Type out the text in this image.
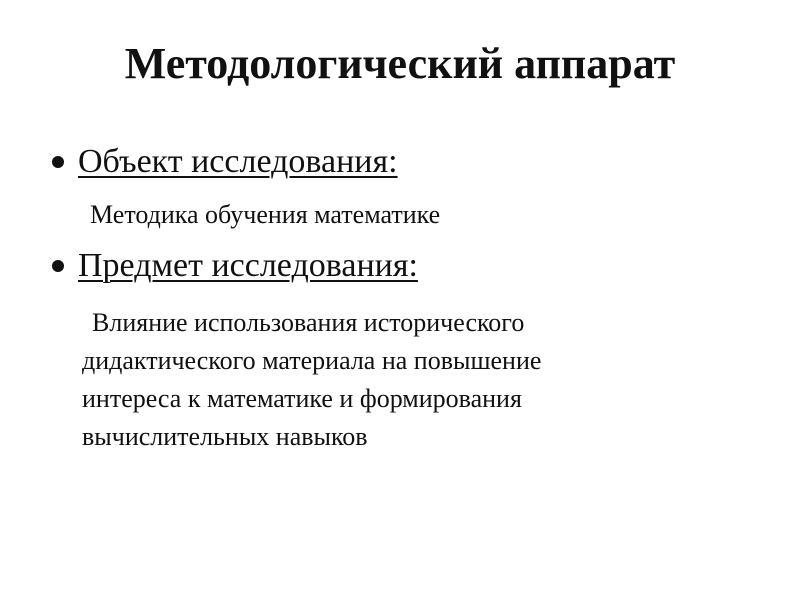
Методологический аппарат
Объект исследования:
Методика обучения математике
Предмет исследования:
Влияние использования исторического
дидактического материала на повышение
интереса к математике и формирования
вычислительных навыков
